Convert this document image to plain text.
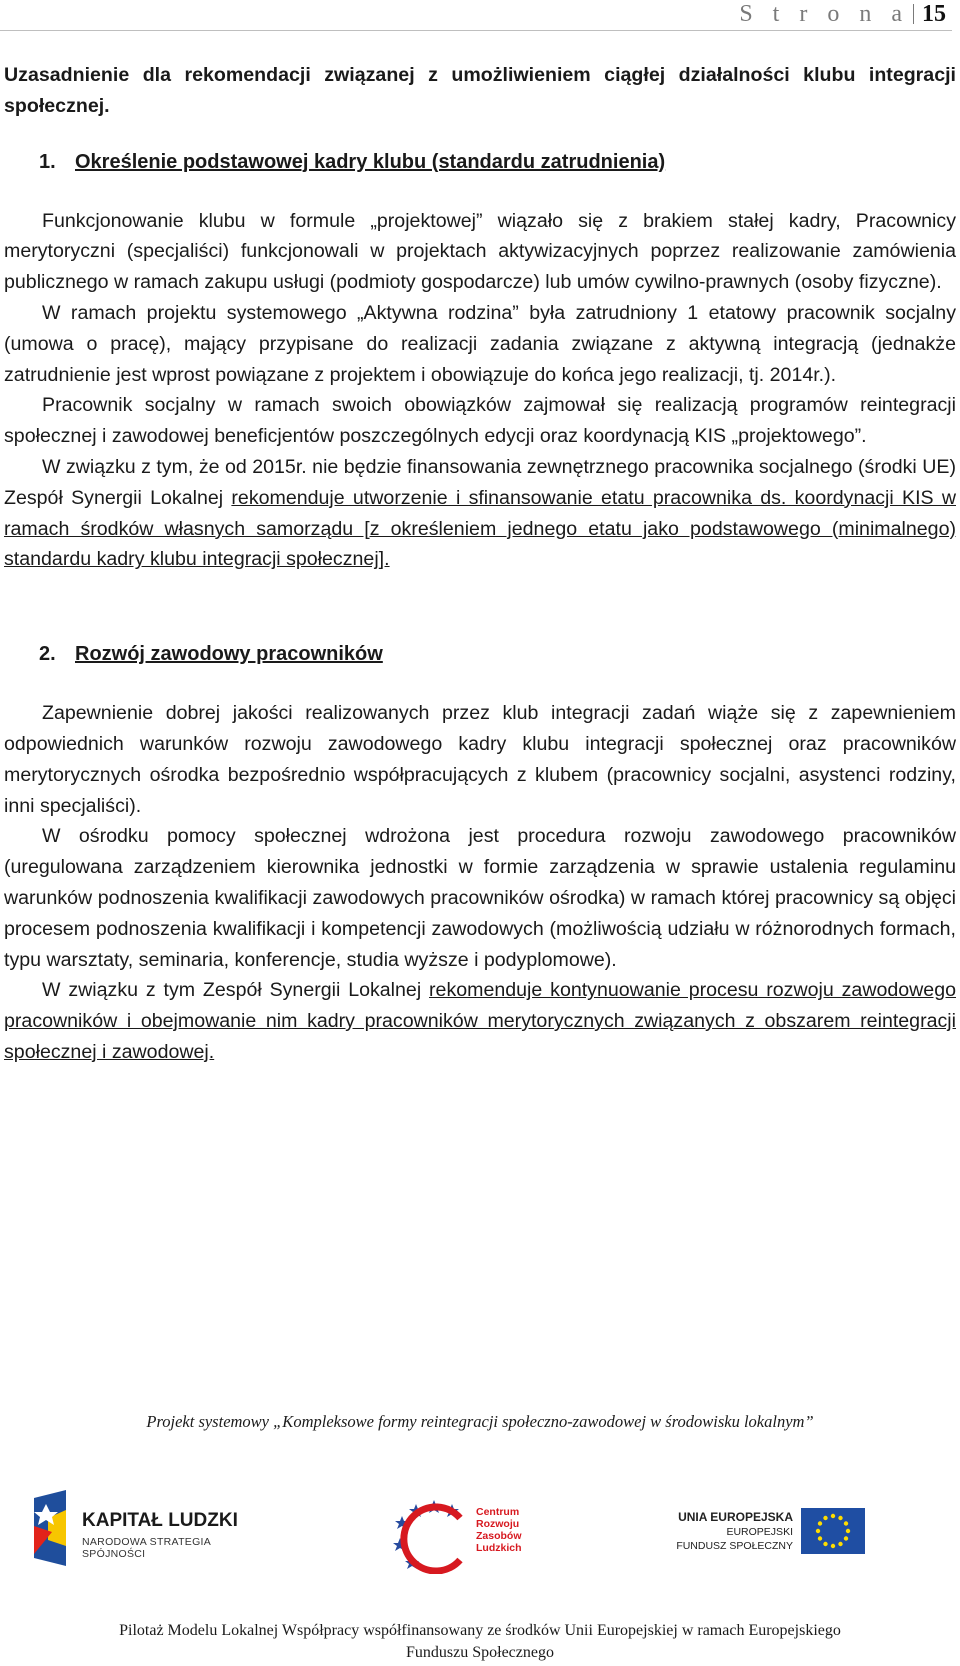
S t r o n a 15

Uzasadnienie dla rekomendacji związanej z umożliwieniem ciągłej działalności klubu integracji społecznej.

1. Określenie podstawowej kadry klubu (standardu zatrudnienia)

Funkcjonowanie klubu w formule „projektowej” wiązało się z brakiem stałej kadry, Pracownicy merytoryczni (specjaliści) funkcjonowali w projektach aktywizacyjnych poprzez realizowanie zamówienia publicznego w ramach zakupu usługi (podmioty gospodarcze) lub umów cywilno-prawnych (osoby fizyczne).

W ramach projektu systemowego „Aktywna rodzina” była zatrudniony 1 etatowy pracownik socjalny (umowa o pracę), mający przypisane do realizacji zadania związane z aktywną integracją (jednakże zatrudnienie jest wprost powiązane z projektem i obowiązuje do końca jego realizacji, tj. 2014r.).

Pracownik socjalny w ramach swoich obowiązków zajmował się realizacją programów reintegracji społecznej i zawodowej beneficjentów poszczególnych edycji oraz koordynacją KIS „projektowego”.

W związku z tym, że od 2015r. nie będzie finansowania zewnętrznego pracownika socjalnego (środki UE) Zespół Synergii Lokalnej rekomenduje utworzenie i sfinansowanie etatu pracownika ds. koordynacji KIS w ramach środków własnych samorządu [z określeniem jednego etatu jako podstawowego (minimalnego) standardu kadry klubu integracji społecznej].

2. Rozwój zawodowy pracowników

Zapewnienie dobrej jakości realizowanych przez klub integracji zadań wiąże się z zapewnieniem odpowiednich warunków rozwoju zawodowego kadry klubu integracji społecznej oraz pracowników merytorycznych ośrodka bezpośrednio współpracujących z klubem (pracownicy socjalni, asystenci rodziny, inni specjaliści).

W ośrodku pomocy społecznej wdrożona jest procedura rozwoju zawodowego pracowników (uregulowana zarządzeniem kierownika jednostki w formie zarządzenia w sprawie ustalenia regulaminu warunków podnoszenia kwalifikacji zawodowych pracowników ośrodka) w ramach której pracownicy są objęci procesem podnoszenia kwalifikacji i kompetencji zawodowych (możliwością udziału w różnorodnych formach, typu warsztaty, seminaria, konferencje, studia wyższe i podyplomowe).

W związku z tym Zespół Synergii Lokalnej rekomenduje kontynuowanie procesu rozwoju zawodowego pracowników i obejmowanie nim kadry pracowników merytorycznych związanych z obszarem reintegracji społecznej i zawodowej.

Projekt systemowy „Kompleksowe formy reintegracji społeczno-zawodowej w środowisku lokalnym”
KAPITAŁ LUDZKI
NARODOWA STRATEGIA SPÓJNOŚCI
Centrum
Rozwoju
Zasobów
Ludzkich
UNIA EUROPEJSKA
EUROPEJSKI
FUNDUSZ SPOŁECZNY
Pilotaż Modelu Lokalnej Współpracy współfinansowany ze środków Unii Europejskiej w ramach Europejskiego
Funduszu Społecznego
